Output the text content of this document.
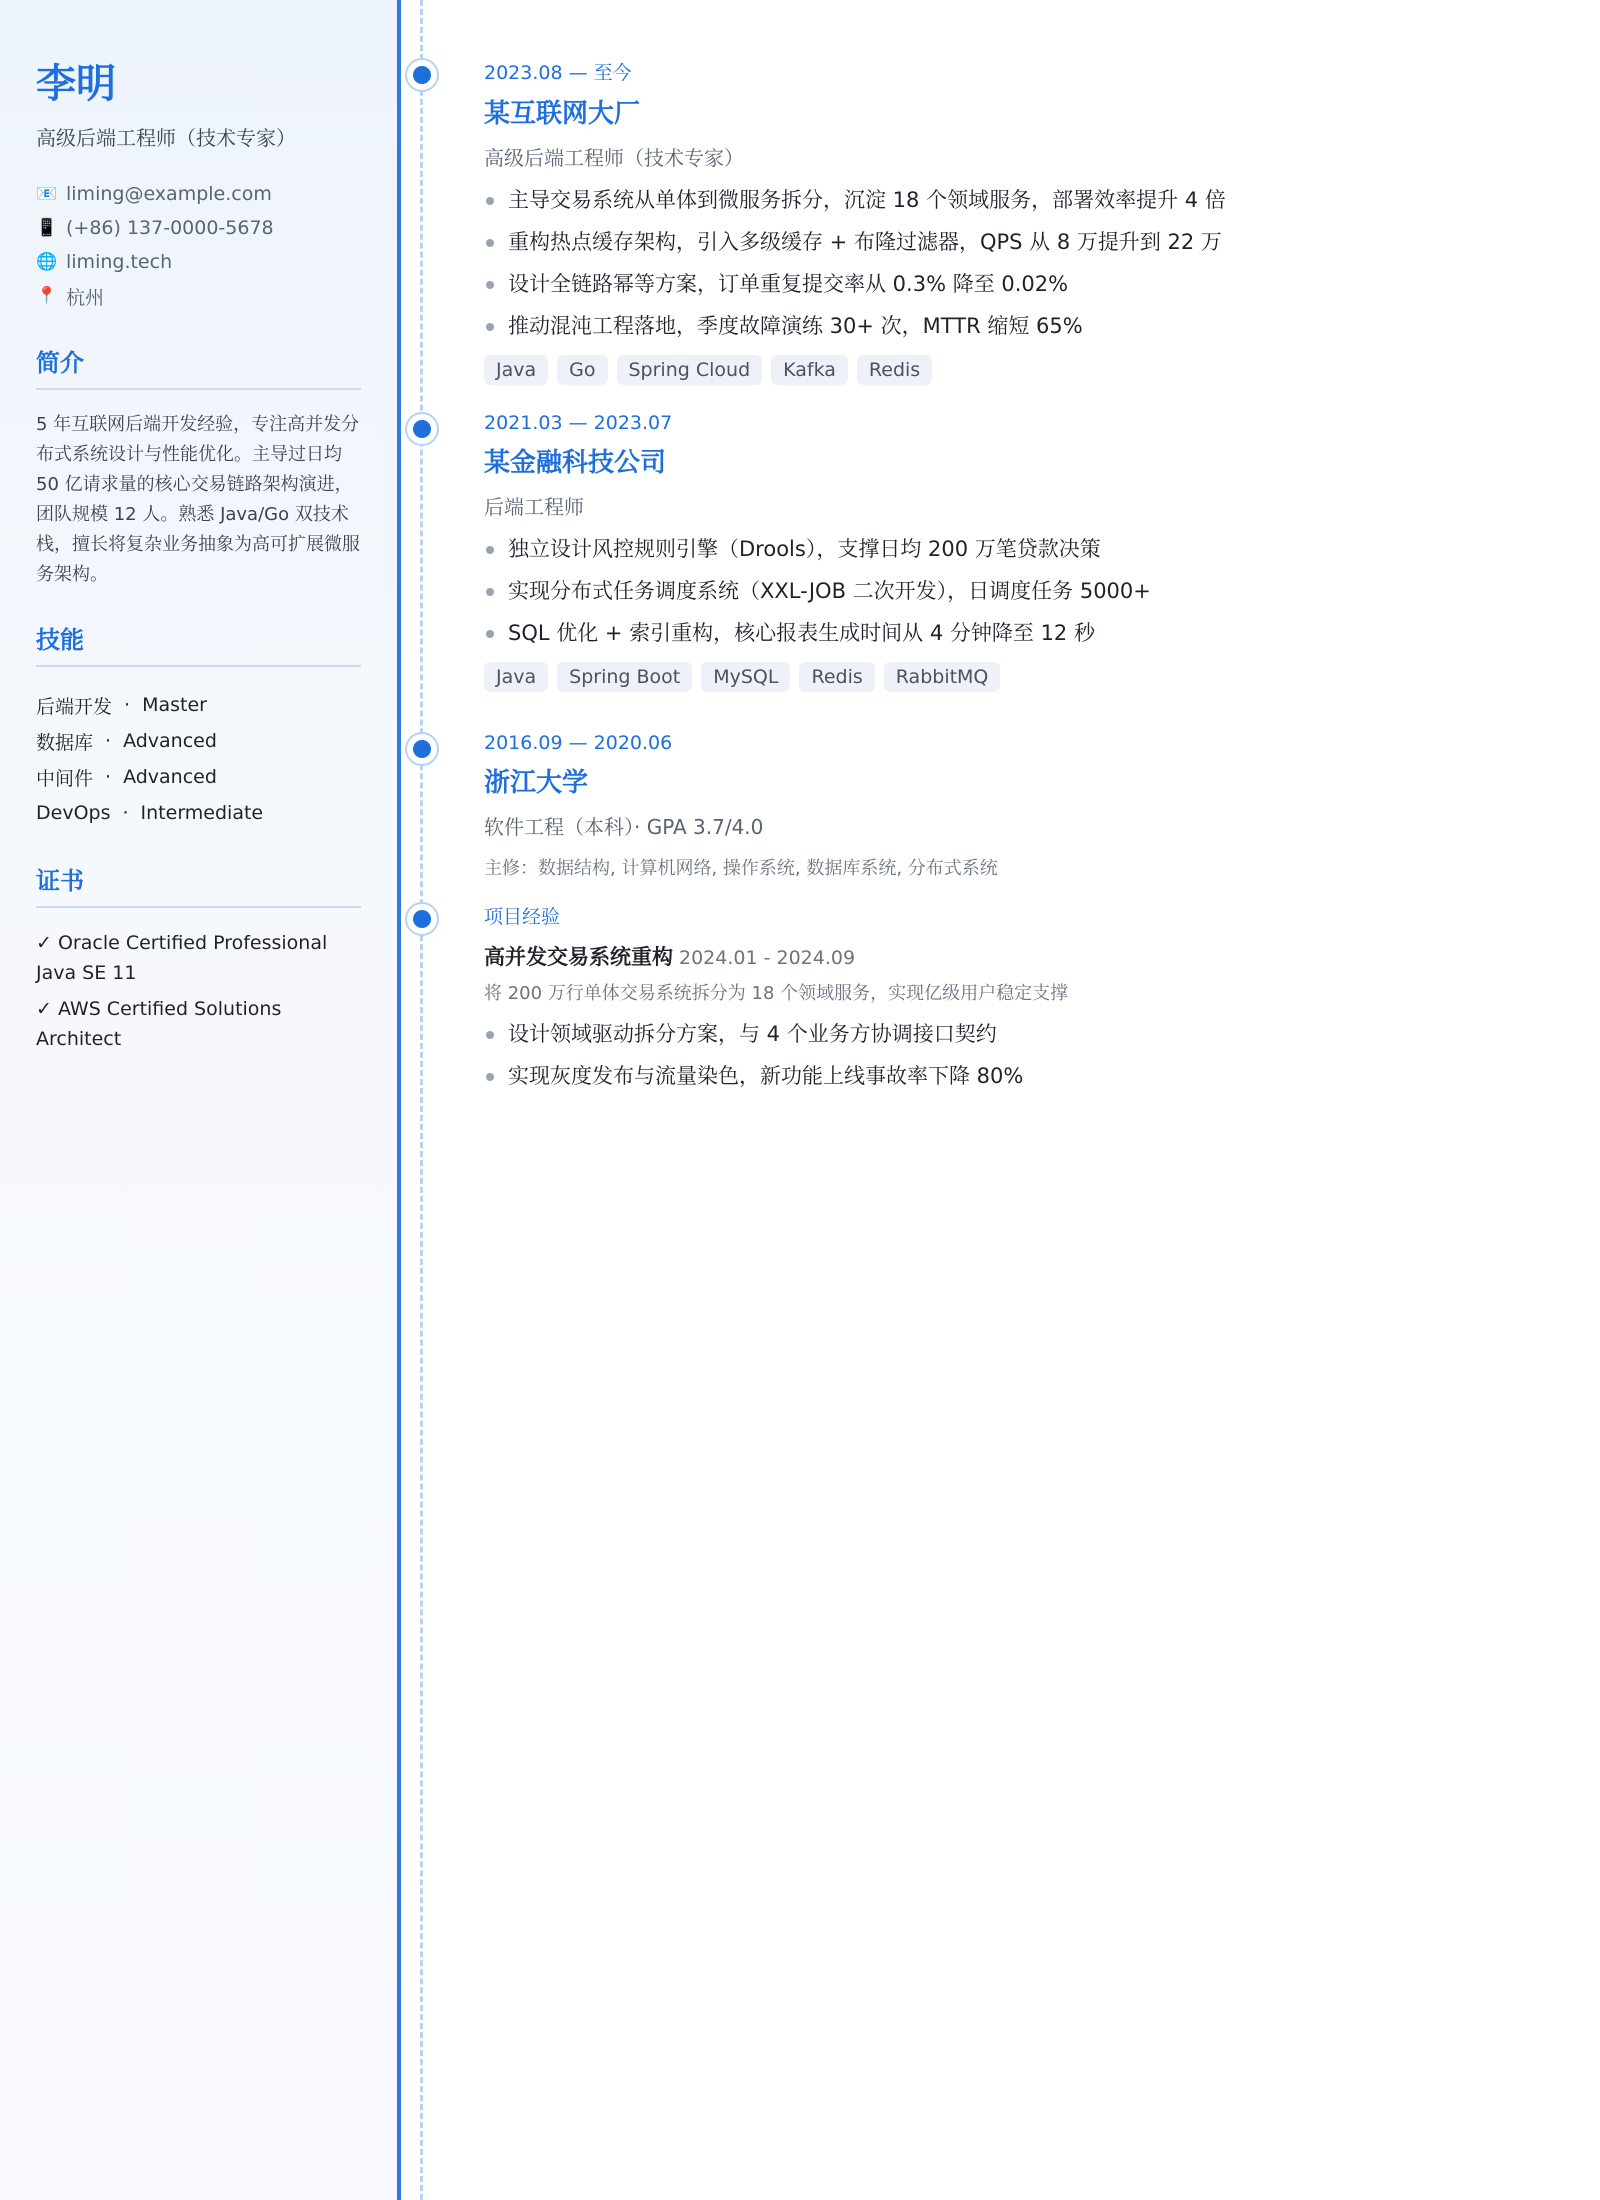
李明
高级后端工程师（技术专家）
📧 liming@example.com
📱 (+86) 137-0000-5678
🌐 liming.tech
📍 杭州
简介

5 年互联网后端开发经验，专注高并发分布式系统设计与性能优化。主导过日均 50 亿请求量的核心交易链路架构演进，团队规模 12 人。熟悉 Java/Go 双技术栈，擅长将复杂业务抽象为高可扩展微服务架构。

技能
后端开发 · Master
数据库 · Advanced
中间件 · Advanced
DevOps · Intermediate
证书
✓ Oracle Certified Professional Java SE 11
✓ AWS Certified Solutions Architect
2023.08 — 至今
某互联网大厂
高级后端工程师（技术专家）
主导交易系统从单体到微服务拆分，沉淀 18 个领域服务，部署效率提升 4 倍
重构热点缓存架构，引入多级缓存 + 布隆过滤器，QPS 从 8 万提升到 22 万
设计全链路幂等方案，订单重复提交率从 0.3% 降至 0.02%
推动混沌工程落地，季度故障演练 30+ 次，MTTR 缩短 65%
Java	Go	Spring Cloud	Kafka	Redis
2021.03 — 2023.07
某金融科技公司
后端工程师
独立设计风控规则引擎（Drools），支撑日均 200 万笔贷款决策
实现分布式任务调度系统（XXL-JOB 二次开发），日调度任务 5000+
SQL 优化 + 索引重构，核心报表生成时间从 4 分钟降至 12 秒
Java	Spring Boot	MySQL	Redis	RabbitMQ
2016.09 — 2020.06
浙江大学
软件工程（本科）· GPA 3.7/4.0
主修：数据结构, 计算机网络, 操作系统, 数据库系统, 分布式系统
项目经验
高并发交易系统重构 2024.01 - 2024.09
将 200 万行单体交易系统拆分为 18 个领域服务，实现亿级用户稳定支撑
设计领域驱动拆分方案，与 4 个业务方协调接口契约
实现灰度发布与流量染色，新功能上线事故率下降 80%
